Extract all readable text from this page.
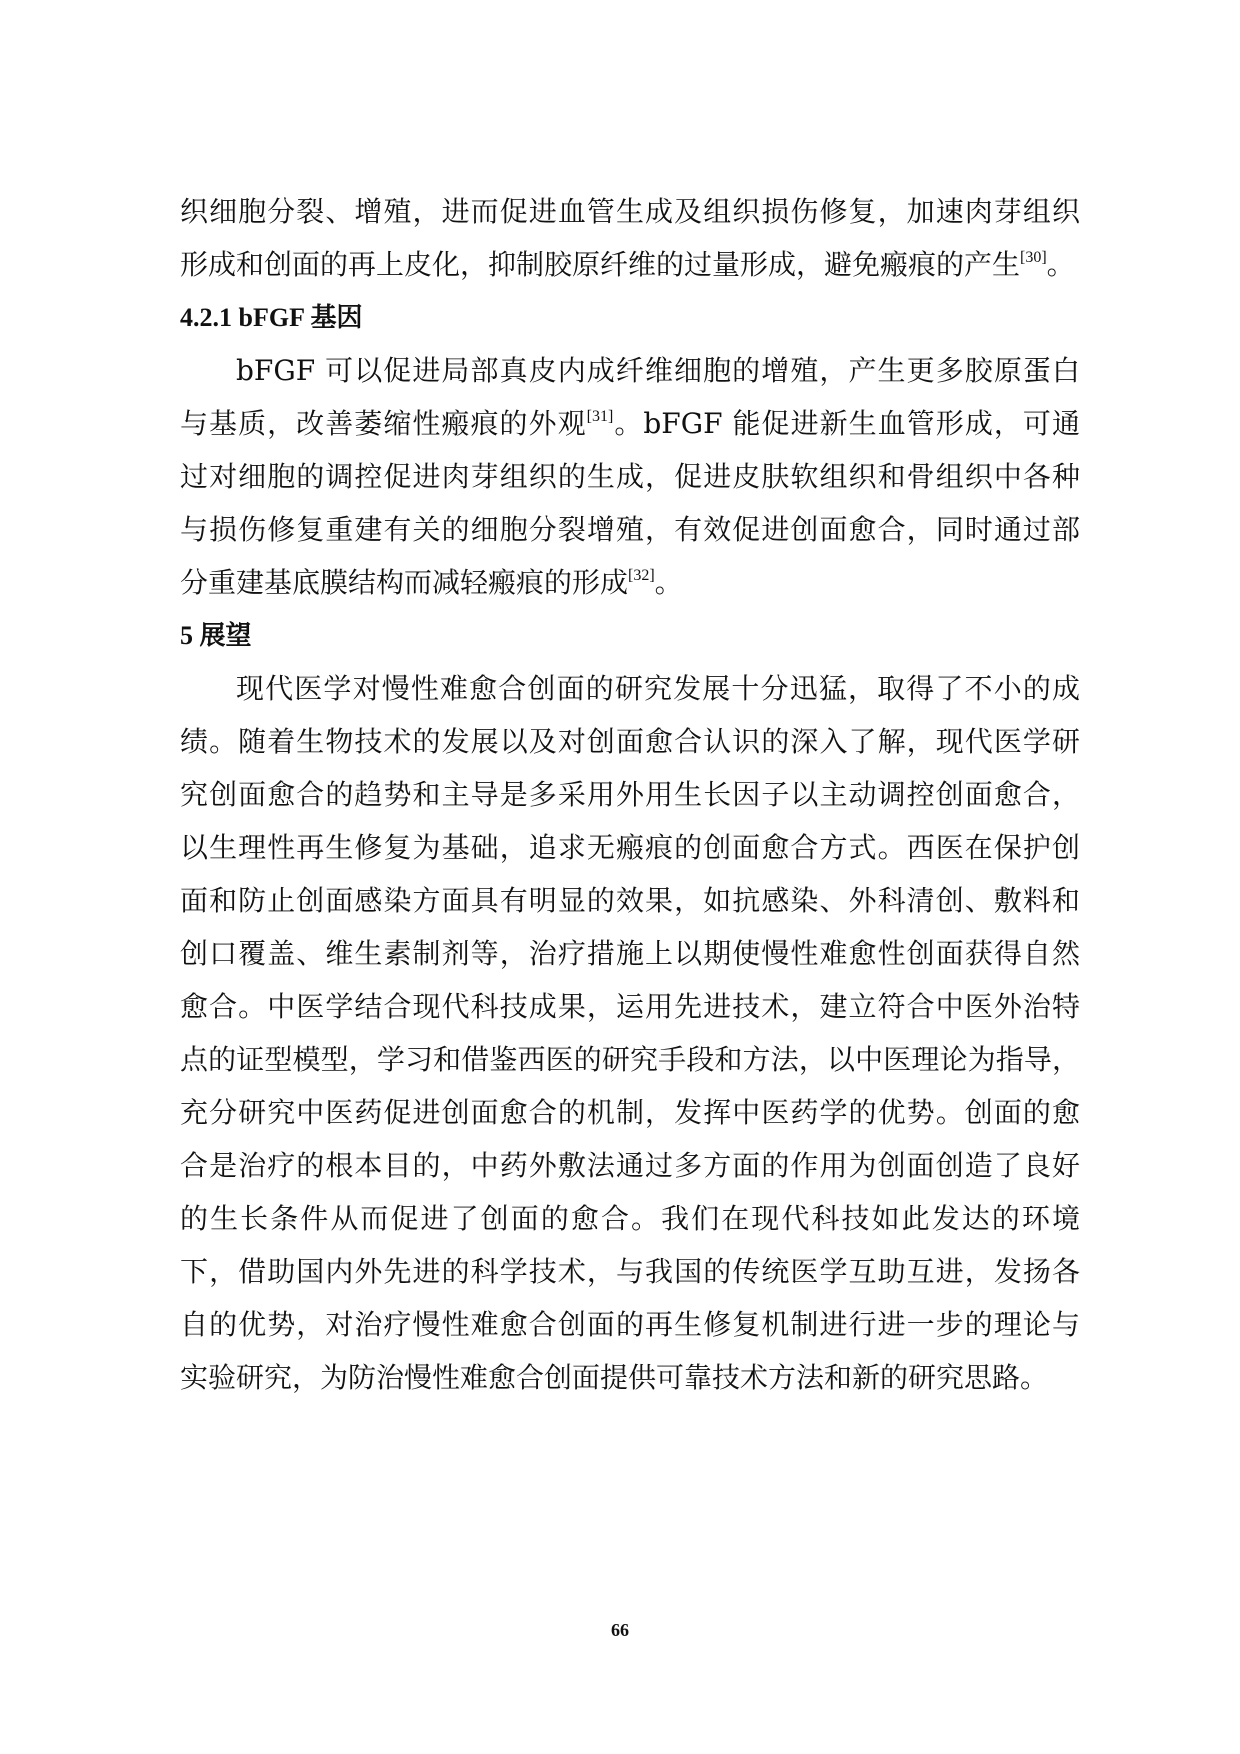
织细胞分裂、增殖，进而促进血管生成及组织损伤修复，加速肉芽组织
形成和创面的再上皮化，抑制胶原纤维的过量形成，避免瘢痕的产生[30]。
4.2.1 bFGF 基因
bFGF 可以促进局部真皮内成纤维细胞的增殖，产生更多胶原蛋白
与基质，改善萎缩性瘢痕的外观[31]。bFGF 能促进新生血管形成，可通
过对细胞的调控促进肉芽组织的生成，促进皮肤软组织和骨组织中各种
与损伤修复重建有关的细胞分裂增殖，有效促进创面愈合，同时通过部
分重建基底膜结构而减轻瘢痕的形成[32]。
5 展望
现代医学对慢性难愈合创面的研究发展十分迅猛，取得了不小的成
绩。随着生物技术的发展以及对创面愈合认识的深入了解，现代医学研
究创面愈合的趋势和主导是多采用外用生长因子以主动调控创面愈合，
以生理性再生修复为基础，追求无瘢痕的创面愈合方式。西医在保护创
面和防止创面感染方面具有明显的效果，如抗感染、外科清创、敷料和
创口覆盖、维生素制剂等，治疗措施上以期使慢性难愈性创面获得自然
愈合。中医学结合现代科技成果，运用先进技术，建立符合中医外治特
点的证型模型，学习和借鉴西医的研究手段和方法，以中医理论为指导，
充分研究中医药促进创面愈合的机制，发挥中医药学的优势。创面的愈
合是治疗的根本目的，中药外敷法通过多方面的作用为创面创造了良好
的生长条件从而促进了创面的愈合。我们在现代科技如此发达的环境
下，借助国内外先进的科学技术，与我国的传统医学互助互进，发扬各
自的优势，对治疗慢性难愈合创面的再生修复机制进行进一步的理论与
实验研究，为防治慢性难愈合创面提供可靠技术方法和新的研究思路。
66
